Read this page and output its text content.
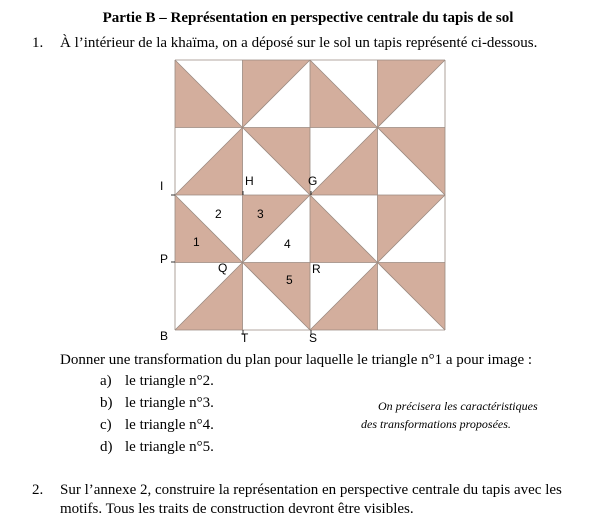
Partie B – Représentation en perspective centrale du tapis de sol
1. À l’intérieur de la khaïma, on a déposé sur le sol un tapis représenté ci-dessous.
I	H	G
P
Q	R
B	T	S
1
2	3
4
5
Donner une transformation du plan pour laquelle le triangle n°1 a pour image :
a) le triangle n°2.
b) le triangle n°3.
c) le triangle n°4.
d) le triangle n°5.
On précisera les caractéristiques
des transformations proposées.
2. Sur l’annexe 2, construire la représentation en perspective centrale du tapis avec les
motifs. Tous les traits de construction devront être visibles.
